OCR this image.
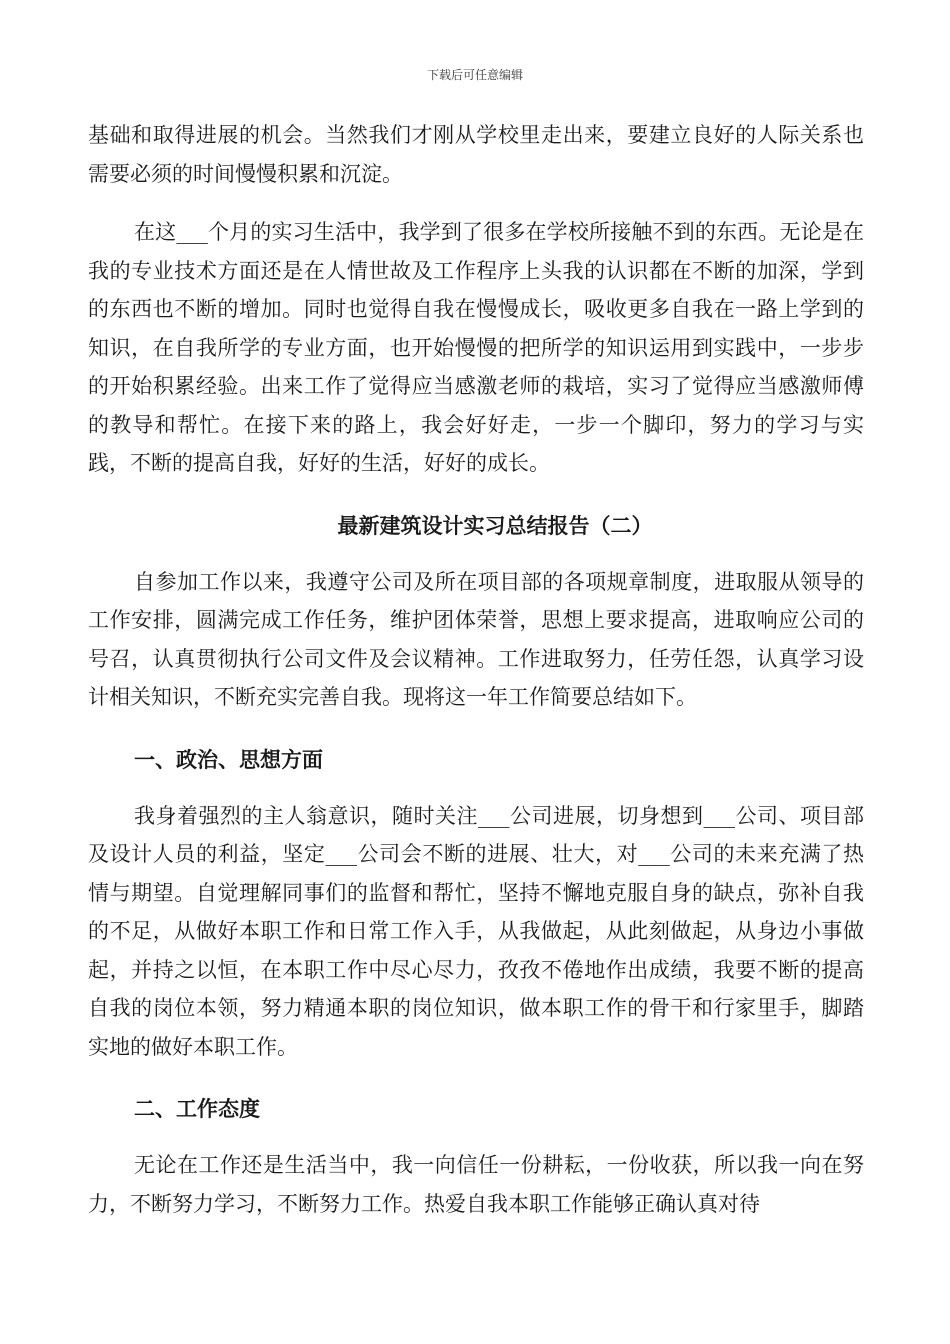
下载后可任意编辑

基础和取得进展的机会。当然我们才刚从学校里走出来，要建立良好的人际关系也需要必须的时间慢慢积累和沉淀。

在这___个月的实习生活中，我学到了很多在学校所接触不到的东西。无论是在我的专业技术方面还是在人情世故及工作程序上头我的认识都在不断的加深，学到的东西也不断的增加。同时也觉得自我在慢慢成长，吸收更多自我在一路上学到的知识，在自我所学的专业方面，也开始慢慢的把所学的知识运用到实践中，一步步的开始积累经验。出来工作了觉得应当感激老师的栽培，实习了觉得应当感激师傅的教导和帮忙。在接下来的路上，我会好好走，一步一个脚印，努力的学习与实践，不断的提高自我，好好的生活，好好的成长。

最新建筑设计实习总结报告（二）

自参加工作以来，我遵守公司及所在项目部的各项规章制度，进取服从领导的工作安排，圆满完成工作任务，维护团体荣誉，思想上要求提高，进取响应公司的号召，认真贯彻执行公司文件及会议精神。工作进取努力，任劳任怨，认真学习设计相关知识，不断充实完善自我。现将这一年工作简要总结如下。

一、政治、思想方面

我身着强烈的主人翁意识，随时关注___公司进展，切身想到___公司、项目部及设计人员的利益，坚定___公司会不断的进展、壮大，对___公司的未来充满了热情与期望。自觉理解同事们的监督和帮忙，坚持不懈地克服自身的缺点，弥补自我的不足，从做好本职工作和日常工作入手，从我做起，从此刻做起，从身边小事做起，并持之以恒，在本职工作中尽心尽力，孜孜不倦地作出成绩，我要不断的提高自我的岗位本领，努力精通本职的岗位知识，做本职工作的骨干和行家里手，脚踏实地的做好本职工作。

二、工作态度

无论在工作还是生活当中，我一向信任一份耕耘，一份收获，所以我一向在努力，不断努力学习，不断努力工作。热爱自我本职工作能够正确认真对待
